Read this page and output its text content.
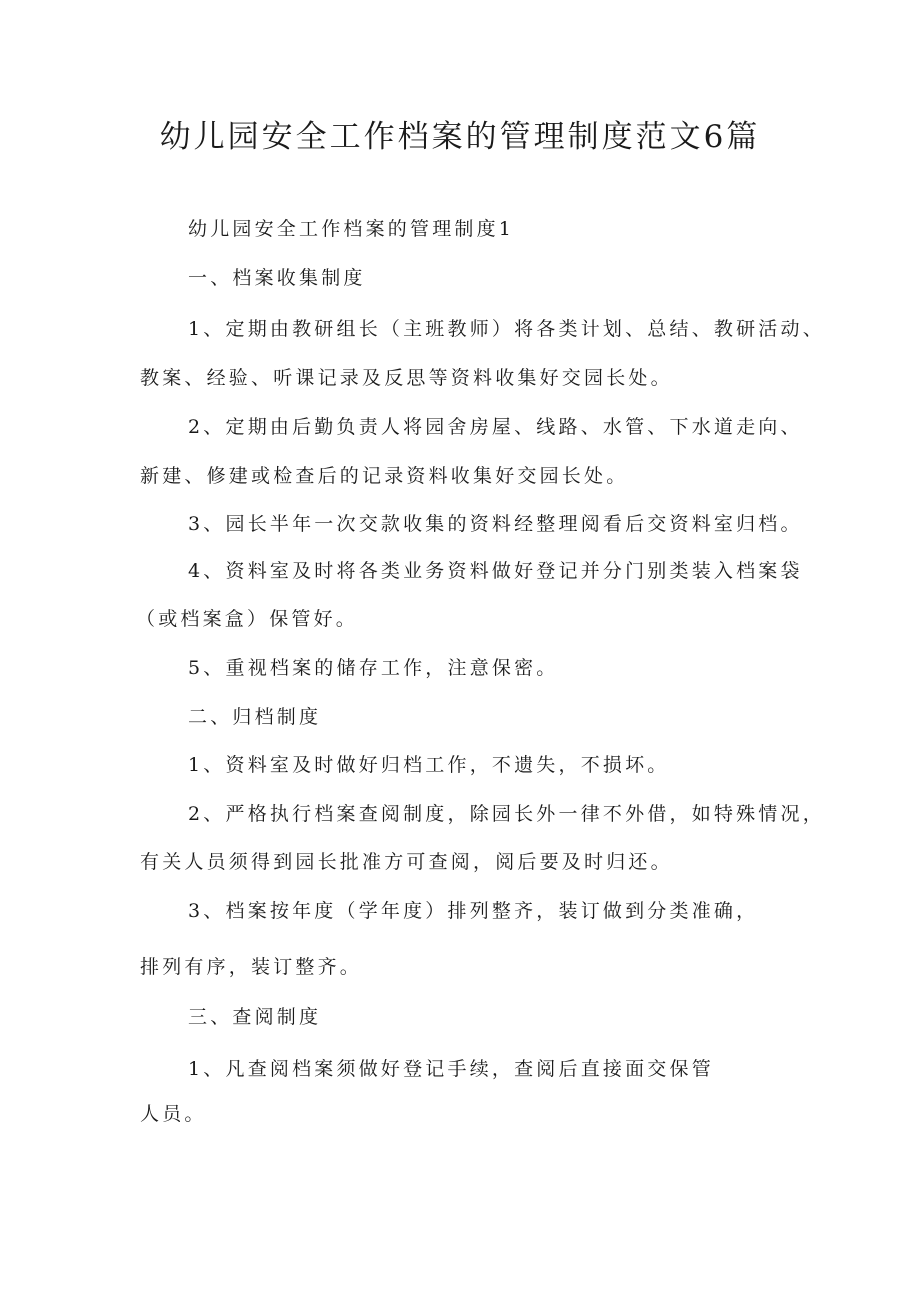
幼儿园安全工作档案的管理制度范文6篇
幼儿园安全工作档案的管理制度1
一、档案收集制度
1、定期由教研组长（主班教师）将各类计划、总结、教研活动、
教案、经验、听课记录及反思等资料收集好交园长处。
2、定期由后勤负责人将园舍房屋、线路、水管、下水道走向、
新建、修建或检查后的记录资料收集好交园长处。
3、园长半年一次交款收集的资料经整理阅看后交资料室归档。
4、资料室及时将各类业务资料做好登记并分门别类装入档案袋
（或档案盒）保管好。
5、重视档案的储存工作，注意保密。
二、归档制度
1、资料室及时做好归档工作，不遗失，不损坏。
2、严格执行档案查阅制度，除园长外一律不外借，如特殊情况，
有关人员须得到园长批准方可查阅，阅后要及时归还。
3、档案按年度（学年度）排列整齐，装订做到分类准确，
排列有序，装订整齐。
三、查阅制度
1、凡查阅档案须做好登记手续，查阅后直接面交保管
人员。
